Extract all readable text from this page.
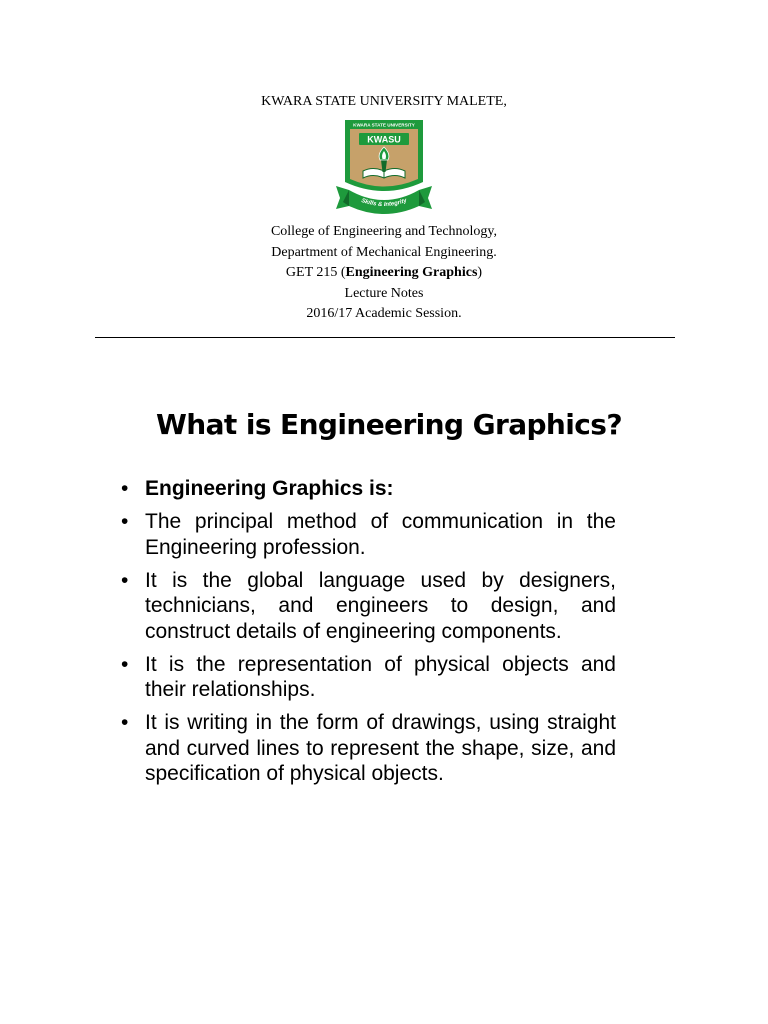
KWARA STATE UNIVERSITY MALETE,
KWARA STATE UNIVERSITY
KWASU
Skills & Integrity
College of Engineering and Technology,
Department of Mechanical Engineering.
GET 215 (Engineering Graphics)
Lecture Notes
2016/17 Academic Session.
What is Engineering Graphics?
• Engineering Graphics is:
• The principal method of communication in the Engineering profession.
• It is the global language used by designers, technicians, and engineers to design, and construct details of engineering components.
• It is the representation of physical objects and their relationships.
• It is writing in the form of drawings, using straight and curved lines to represent the shape, size, and specification of physical objects.
